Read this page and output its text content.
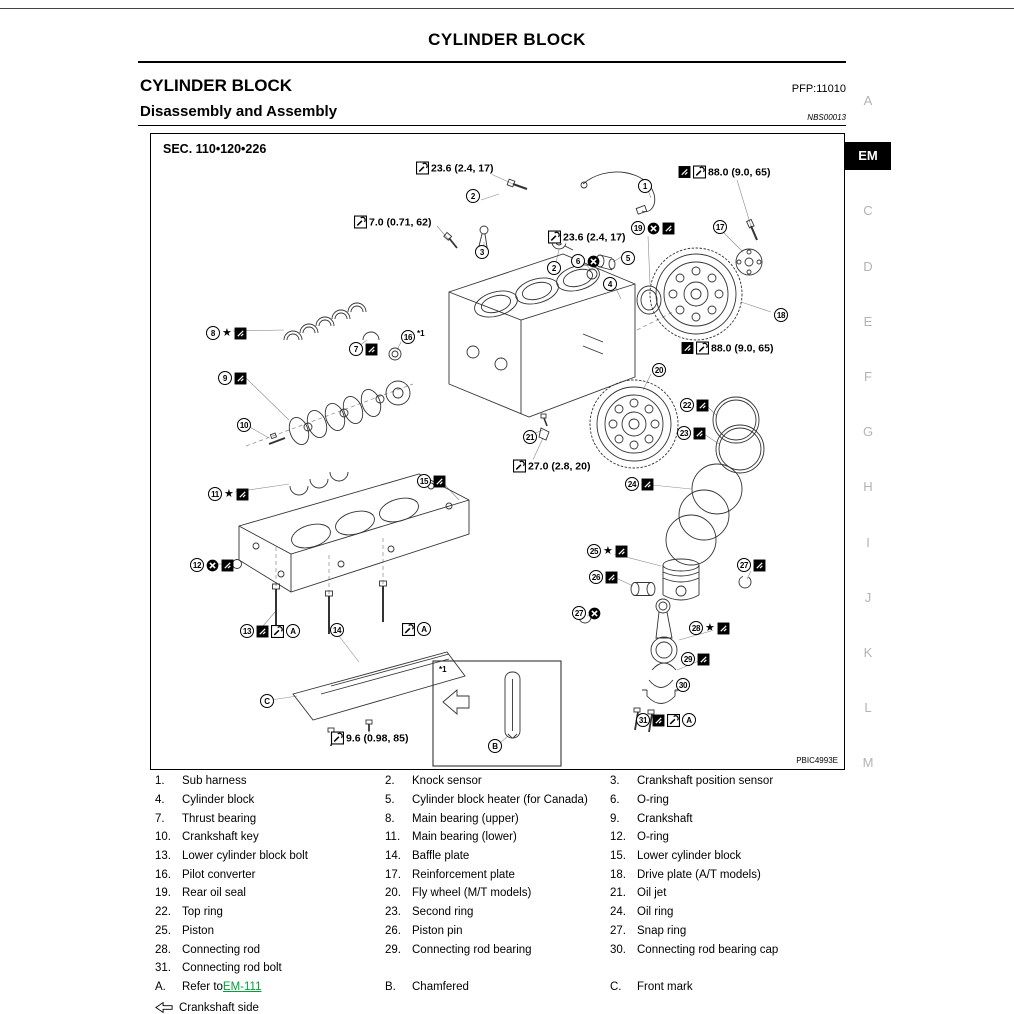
CYLINDER BLOCK
CYLINDER BLOCK	PFP:11010
Disassembly and Assembly	NBS00013
A
EM
C
D
E
F
G
H
I
J
K
L
M
SEC. 110•120•226
PBIC4993E
23.6 (2.4, 17)	88.0 (9.0, 65)
7.0 (0.71, 62)
23.6 (2.4, 17)
88.0 (9.0, 65)
27.0 (2.8, 20)
9.6 (0.98, 85)
1
2
3
2
4
5
6
19	17
18
8 ★
7
16 *1
9
10
20
21
22
23
24
11 ★
15
12
13	A	14	A
C
25 ★
26
27
27
28 ★
29
30
31	A
B
*1
1.	Sub harness	2.	Knock sensor	3.	Crankshaft position sensor
4.	Cylinder block	5.	Cylinder block heater (for Canada) 6.	O-ring
7.	Thrust bearing	8.	Main bearing (upper)	9.	Crankshaft
10. Crankshaft key	11.	Main bearing (lower)	12. O-ring
13. Lower cylinder block bolt	14. Baffle plate	15. Lower cylinder block
16. Pilot converter	17. Reinforcement plate	18. Drive plate (A/T models)
19. Rear oil seal	20. Fly wheel (M/T models)	21. Oil jet
22. Top ring	23. Second ring	24. Oil ring
25. Piston	26. Piston pin	27. Snap ring
28. Connecting rod	29. Connecting rod bearing	30. Connecting rod bearing cap
31. Connecting rod bolt
A.	Refer to EM-111	B.	Chamfered	C.	Front mark
Crankshaft side
